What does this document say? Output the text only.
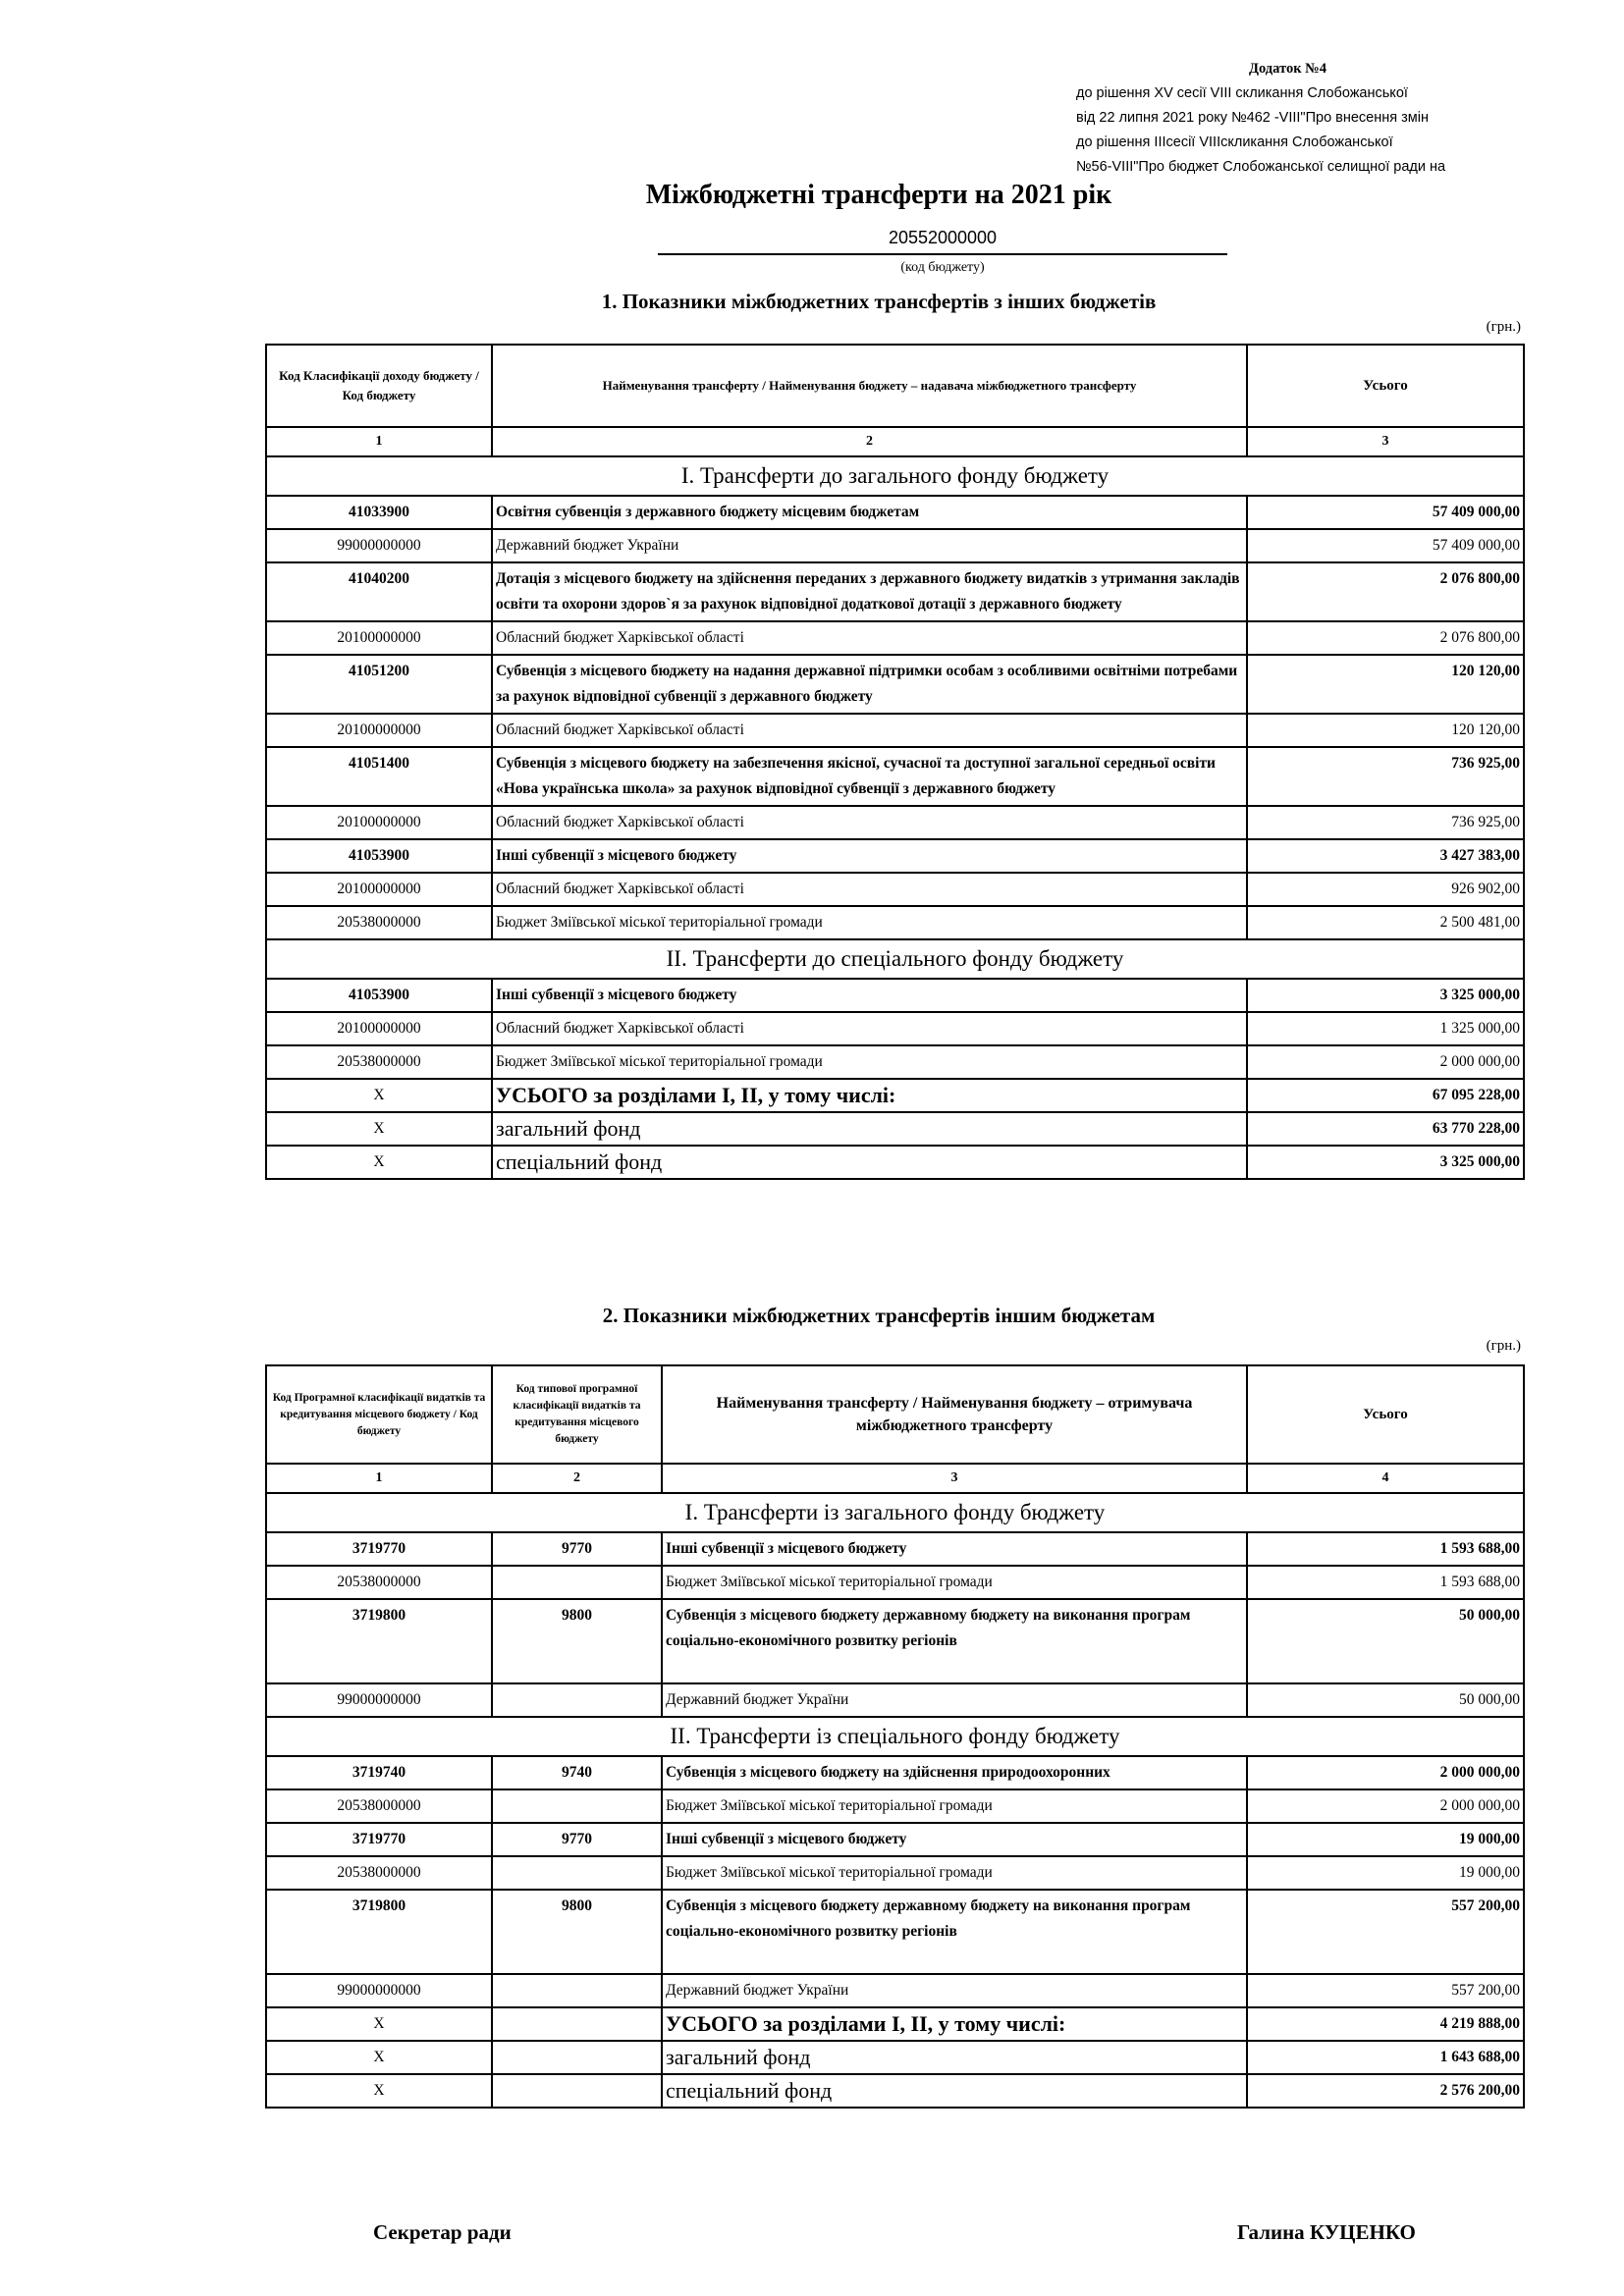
Додаток №4
до рішення XV сесії VIII скликання Слобожанської
від 22 липня 2021 року №462 -VIII"Про внесення змін
до рішення IIIсесії VIIIскликання Слобожанської
№56-VIII"Про бюджет Слобожанської селищної ради на
Міжбюджетні трансферти на 2021 рік
20552000000
(код бюджету)
1. Показники міжбюджетних трансфертів з інших бюджетів
(грн.)
Код Класифікації доходу бюджету / Код бюджету	Найменування трансферту / Найменування бюджету – надавача міжбюджетного трансферту	Усього
1	2	3
І. Трансферти до загального фонду бюджету		
41033900	Освітня субвенція з державного бюджету місцевим бюджетам	57 409 000,00
99000000000	Державний бюджет України	57 409 000,00
41040200	Дотація з місцевого бюджету на здійснення переданих з державного бюджету видатків з утримання закладів освіти та охорони здоров`я за рахунок відповідної додаткової дотації з державного бюджету	2 076 800,00
20100000000	Обласний бюджет Харківської області	2 076 800,00
41051200	Субвенція з місцевого бюджету на надання державної підтримки особам з особливими освітніми потребами за рахунок відповідної субвенції з державного бюджету	120 120,00
20100000000	Обласний бюджет Харківської області	120 120,00
41051400	Субвенція з місцевого бюджету на забезпечення якісної, сучасної та доступної загальної середньої освіти «Нова українська школа» за рахунок відповідної субвенції з державного бюджету	736 925,00
20100000000	Обласний бюджет Харківської області	736 925,00
41053900	Інші субвенції з місцевого бюджету	3 427 383,00
20100000000	Обласний бюджет Харківської області	926 902,00
20538000000	Бюджет Зміївської міської територіальної громади	2 500 481,00
ІІ. Трансферти до спеціального фонду бюджету		
41053900	Інші субвенції з місцевого бюджету	3 325 000,00
20100000000	Обласний бюджет Харківської області	1 325 000,00
20538000000	Бюджет Зміївської міської територіальної громади	2 000 000,00
X	УСЬОГО за розділами І, ІІ, у тому числі:	67 095 228,00
X	загальний фонд	63 770 228,00
X	спеціальний фонд	3 325 000,00
2. Показники міжбюджетних трансфертів іншим бюджетам
(грн.)
Код Програмної класифікації видатків та кредитування місцевого бюджету / Код бюджету	Код типової програмної класифікації видатків та кредитування місцевого бюджету	Найменування трансферту / Найменування бюджету – отримувача міжбюджетного трансферту	Усього
1	2	3	4
І. Трансферти із загального фонду бюджету			
3719770	9770	Інші субвенції з місцевого бюджету	1 593 688,00
20538000000		Бюджет Зміївської міської територіальної громади	1 593 688,00
3719800	9800	Субвенція з місцевого бюджету державному бюджету на виконання програм соціально-економічного розвитку регіонів	50 000,00
99000000000		Державний бюджет України	50 000,00
ІІ. Трансферти із спеціального фонду бюджету			
3719740	9740	Субвенція з місцевого бюджету на здійснення природоохоронних	2 000 000,00
20538000000		Бюджет Зміївської міської територіальної громади	2 000 000,00
3719770	9770	Інші субвенції з місцевого бюджету	19 000,00
20538000000		Бюджет Зміївської міської територіальної громади	19 000,00
3719800	9800	Субвенція з місцевого бюджету державному бюджету на виконання програм соціально-економічного розвитку регіонів	557 200,00
99000000000		Державний бюджет України	557 200,00
X		УСЬОГО за розділами І, ІІ, у тому числі:	4 219 888,00
X		загальний фонд	1 643 688,00
X		спеціальний фонд	2 576 200,00
Секретар ради	Галина КУЦЕНКО
